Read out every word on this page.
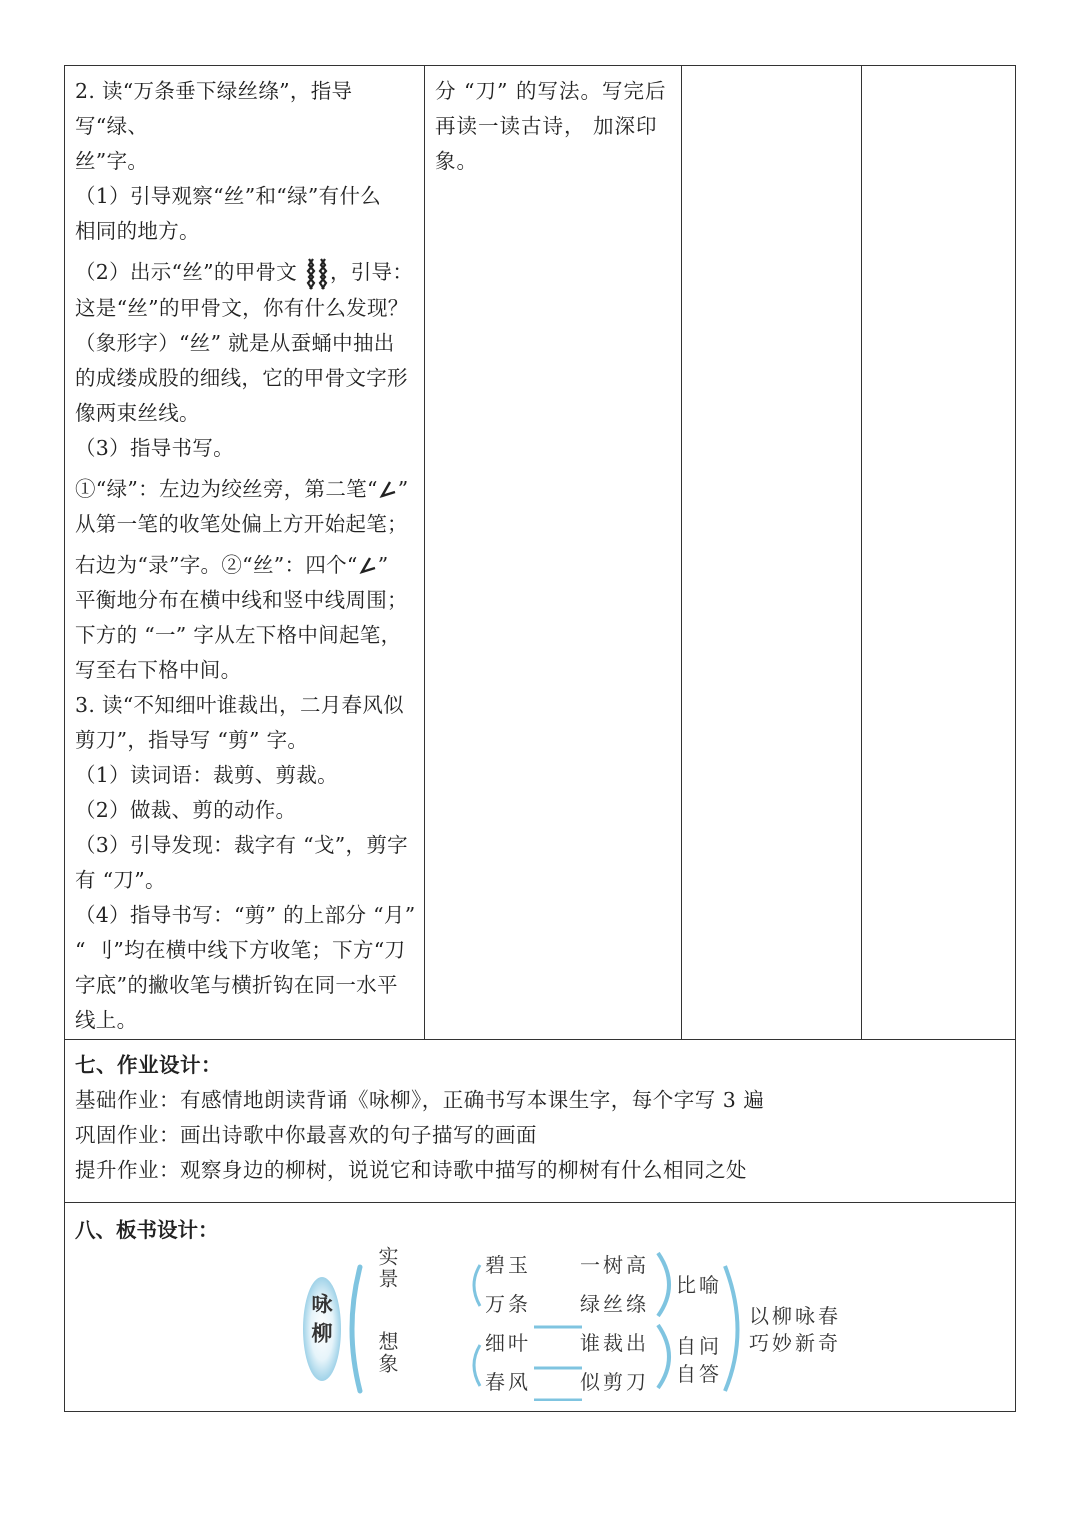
2. 读“万条垂下绿丝绦”，指导写“绿、

丝”字。

（1）引导观察“丝”和“绿”有什么

相同的地方。

（2）出示“丝”的甲骨文 ，引导：

这是“丝”的甲骨文，你有什么发现？

（象形字）“丝” 就是从蚕蛹中抽出

的成缕成股的细线，它的甲骨文字形

像两束丝线。

（3）指导书写。

①“绿”：左边为绞丝旁，第二笔“ ”

从第一笔的收笔处偏上方开始起笔；

右边为“录”字。②“丝”：四个“ ”

平衡地分布在横中线和竖中线周围；

下方的 “一” 字从左下格中间起笔，

写至右下格中间。

3. 读“不知细叶谁裁出，二月春风似

剪刀”，指导写 “剪” 字。

（1）读词语：裁剪、剪裁。

（2）做裁、剪的动作。

（3）引导发现：裁字有 “戈”，剪字

有 “刀”。

（4）指导书写：“剪” 的上部分 “月”

“ 刂”均在横中线下方收笔；下方“刀

字底”的撇收笔与横折钩在同一水平

线上。

分 “刀” 的写法。写完后
再读一读古诗， 加深印
象。

七、作业设计：

基础作业：有感情地朗读背诵《咏柳》，正确书写本课生字，每个字写 3 遍

巩固作业：画出诗歌中你最喜欢的句子描写的画面

提升作业：观察身边的柳树，说说它和诗歌中描写的柳树有什么相同之处

八、板书设计：
咏柳
实景
想象
碧玉
万条
细叶
春风
一树高
绿丝绦
谁裁出
似剪刀
比喻
自问
自答
以柳咏春
巧妙新奇
